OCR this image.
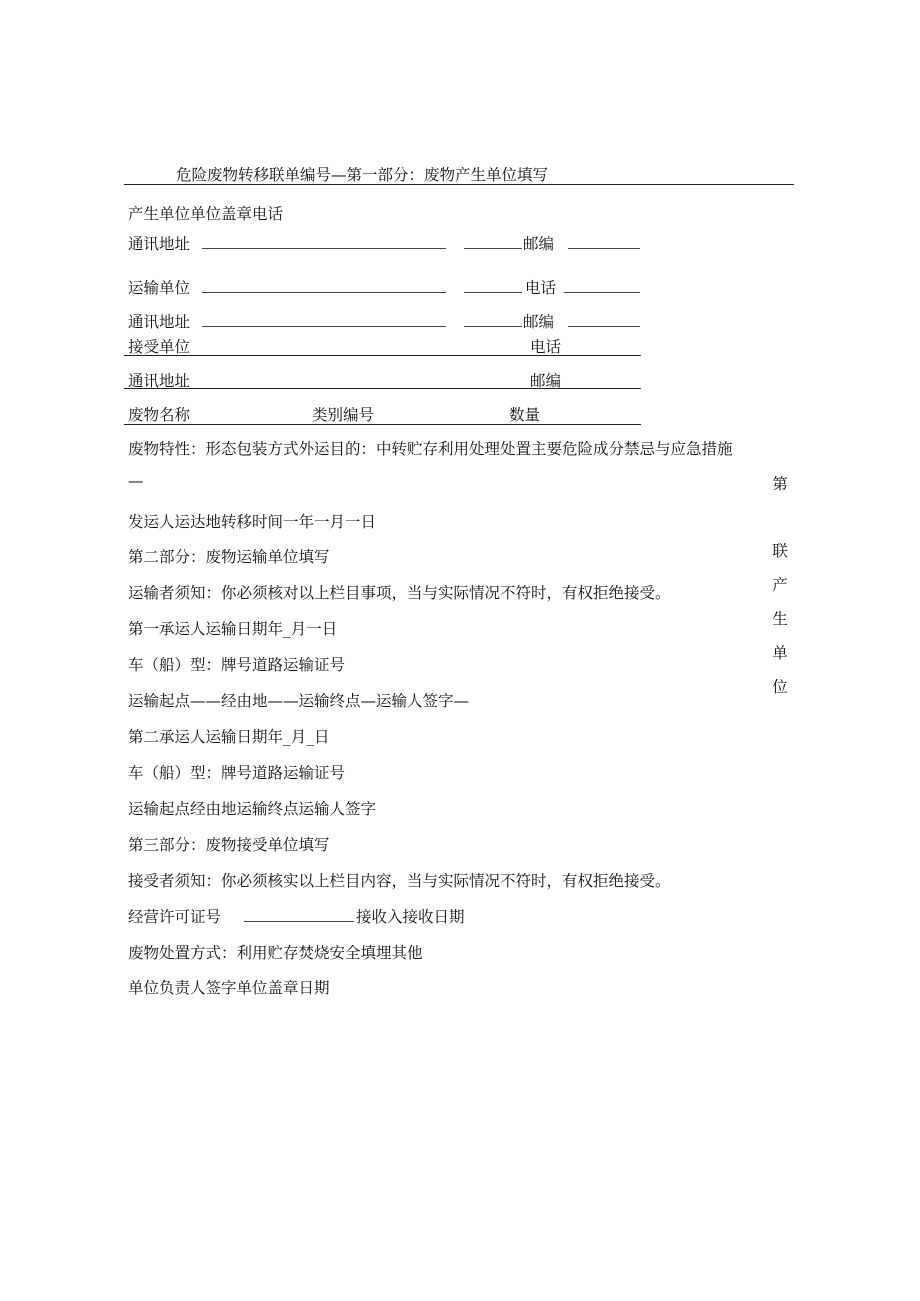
危险废物转移联单编号—第一部分：废物产生单位填写
产生单位单位盖章电话
通讯地址	邮编
运输单位	电话
通讯地址	邮编
接受单位	电话
通讯地址	邮编
废物名称	类别编号	数量
废物特性：形态包装方式外运目的：中转贮存利用处理处置主要危险成分禁忌与应急措施
—
发运人运达地转移时间一年一月一日
第二部分：废物运输单位填写
运输者须知：你必须核对以上栏目事项，当与实际情况不符时，有权拒绝接受。
第一承运人运输日期年_月一日
车（船）型：牌号道路运输证号
运输起点——经由地——运输终点—运输人签字—
第二承运人运输日期年_月_日
车（船）型：牌号道路运输证号
运输起点经由地运输终点运输人签字
第三部分：废物接受单位填写
接受者须知：你必须核实以上栏目内容，当与实际情况不符时，有权拒绝接受。
经营许可证号	接收入接收日期
废物处置方式：利用贮存焚烧安全填埋其他
单位负责人签字单位盖章日期
第
联
产
生
单
位
